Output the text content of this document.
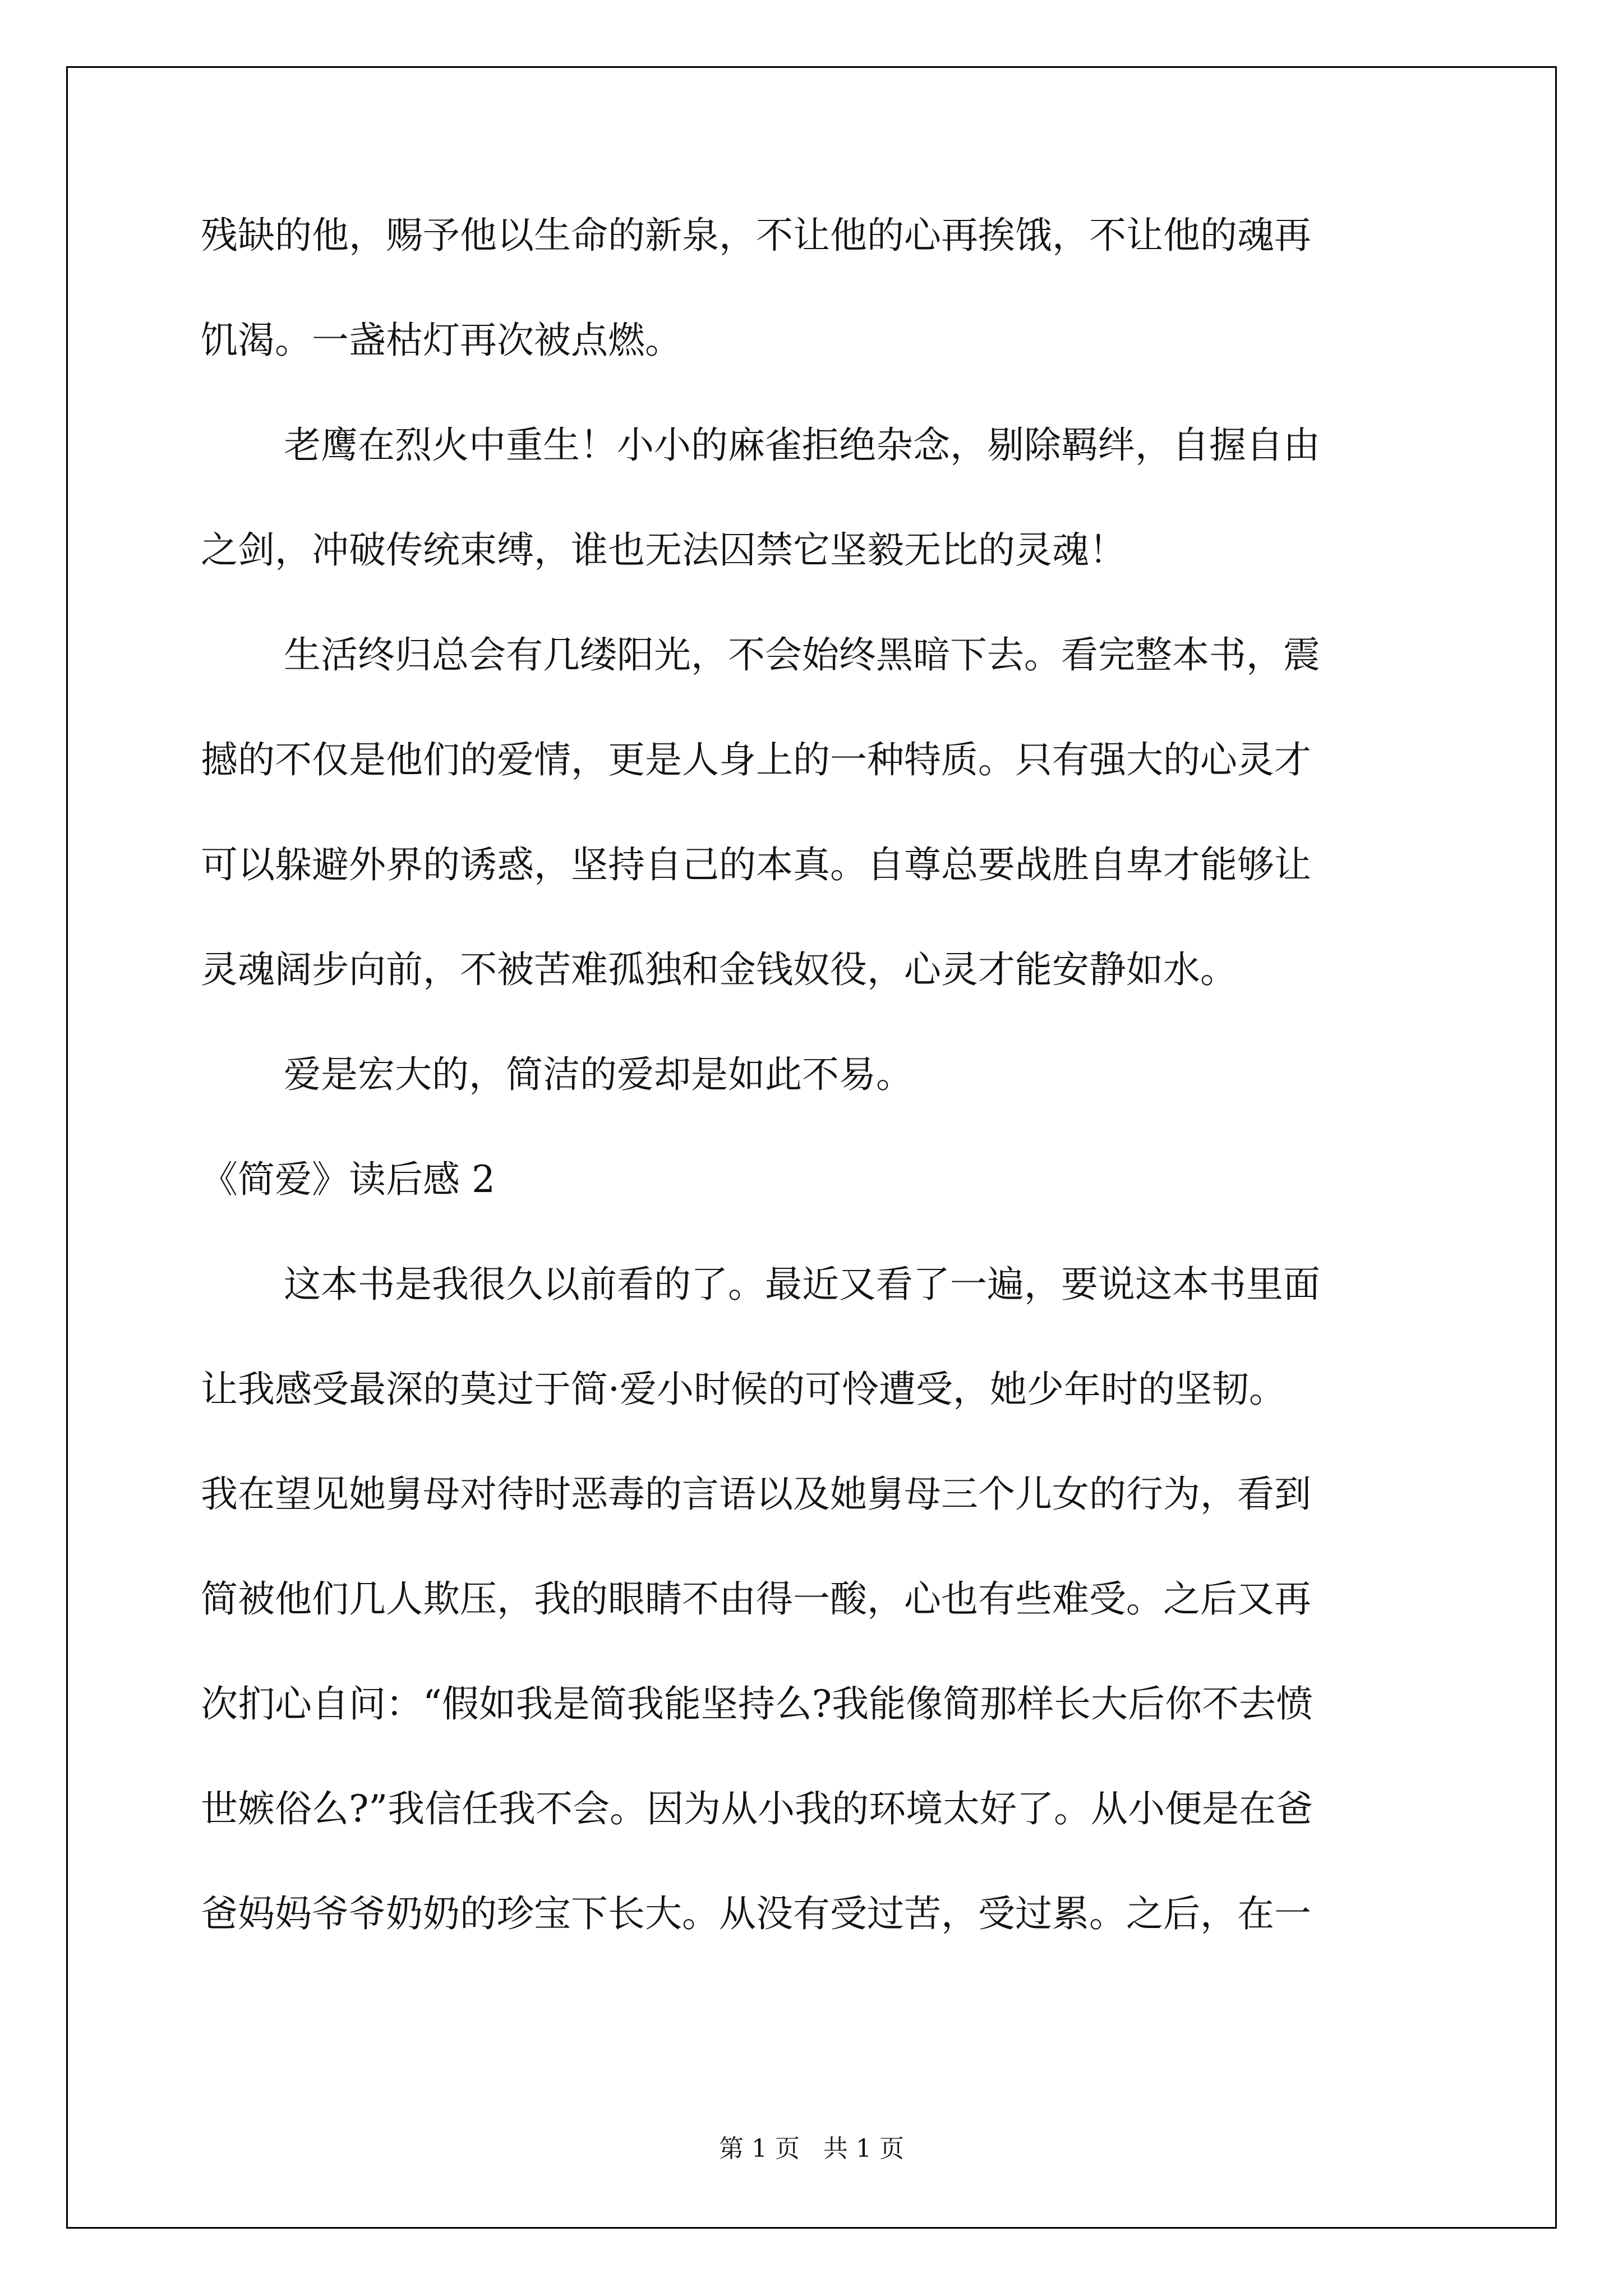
残缺的他，赐予他以生命的新泉，不让他的心再挨饿，不让他的魂再
饥渴。一盏枯灯再次被点燃。
老鹰在烈火中重生！小小的麻雀拒绝杂念，剔除羁绊，自握自由
之剑，冲破传统束缚，谁也无法囚禁它坚毅无比的灵魂！
生活终归总会有几缕阳光，不会始终黑暗下去。看完整本书，震
撼的不仅是他们的爱情，更是人身上的一种特质。只有强大的心灵才
可以躲避外界的诱惑，坚持自己的本真。自尊总要战胜自卑才能够让
灵魂阔步向前，不被苦难孤独和金钱奴役，心灵才能安静如水。
爱是宏大的，简洁的爱却是如此不易。
《简爱》读后感 2
这本书是我很久以前看的了。最近又看了一遍，要说这本书里面
让我感受最深的莫过于简·爱小时候的可怜遭受，她少年时的坚韧。
我在望见她舅母对待时恶毒的言语以及她舅母三个儿女的行为，看到
简被他们几人欺压，我的眼睛不由得一酸，心也有些难受。之后又再
次扪心自问：“假如我是简我能坚持么?我能像简那样长大后你不去愤
世嫉俗么?”我信任我不会。因为从小我的环境太好了。从小便是在爸
爸妈妈爷爷奶奶的珍宝下长大。从没有受过苦，受过累。之后，在一
第 1 页   共 1 页
